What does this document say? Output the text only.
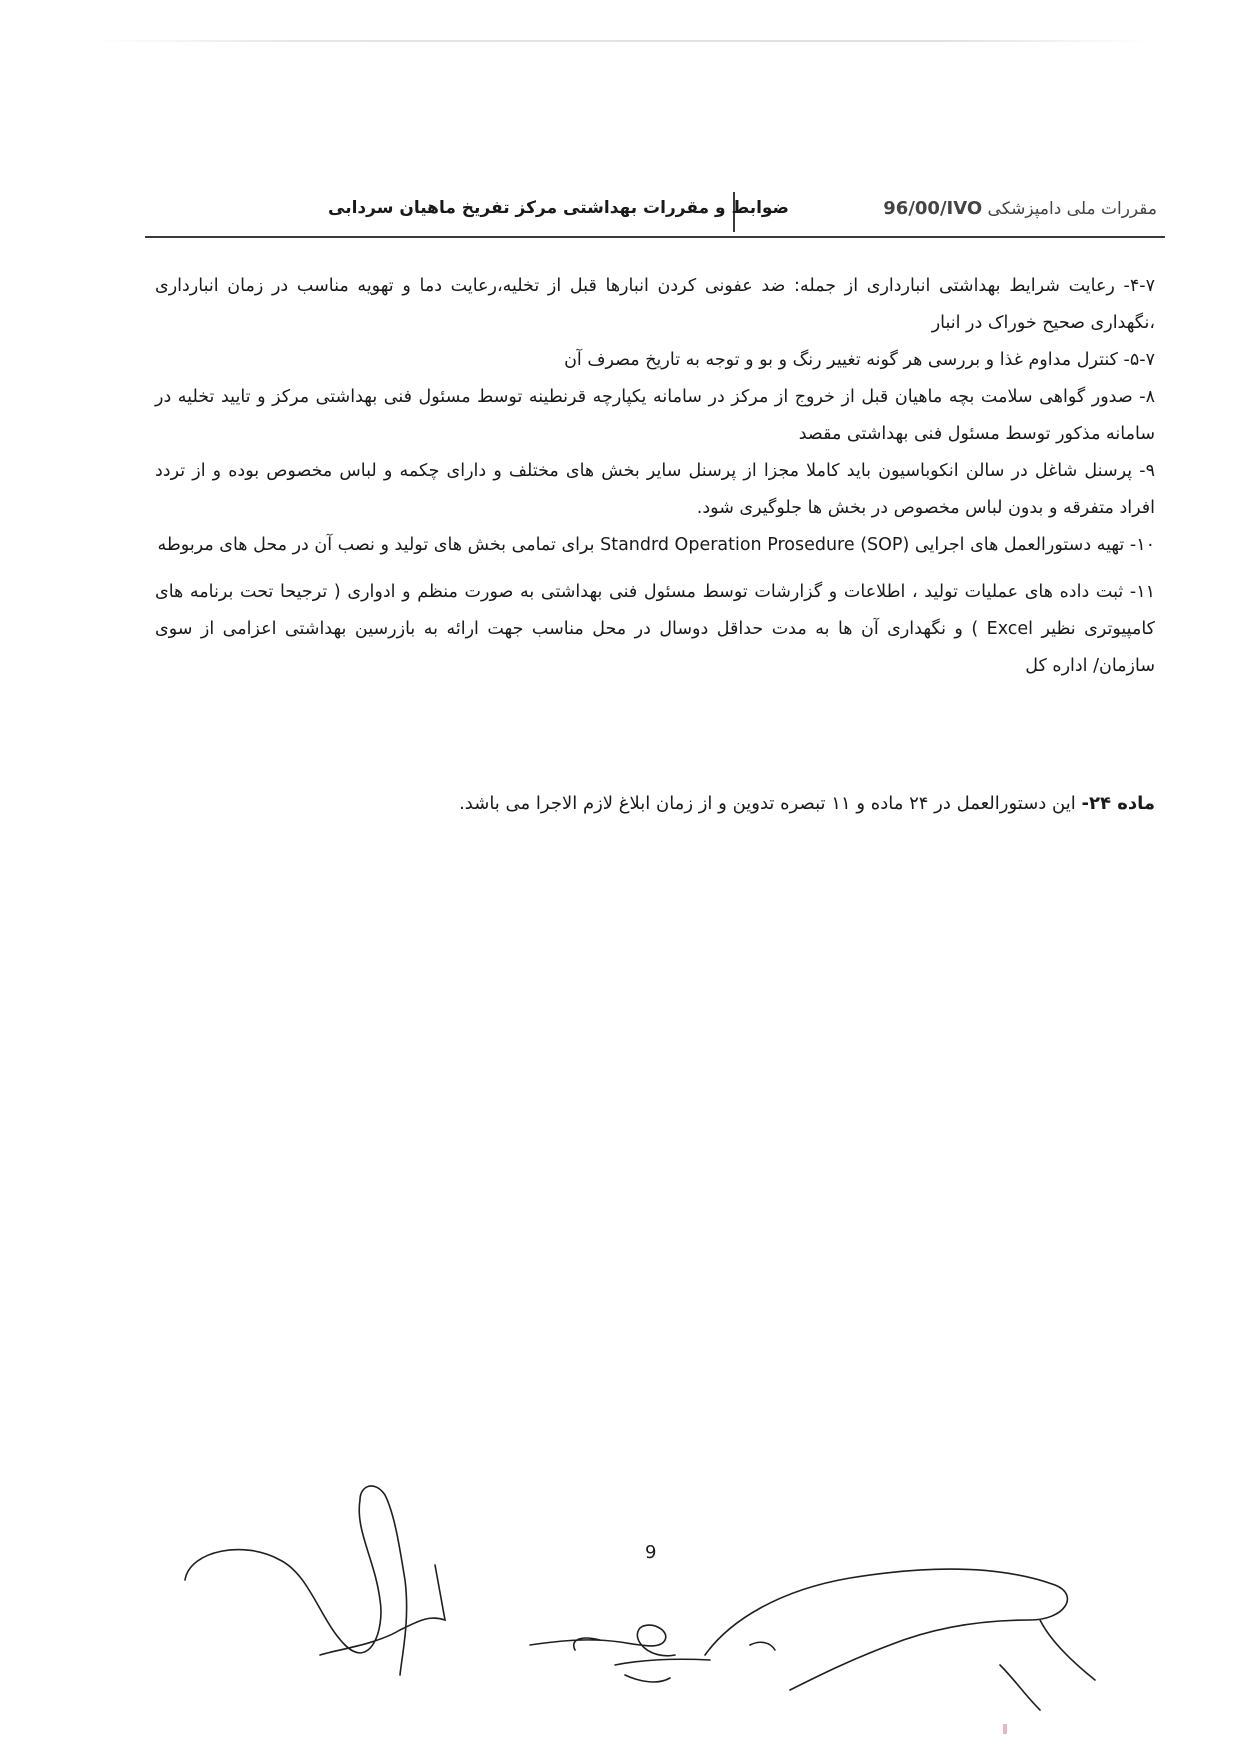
مقررات ملی دامپزشکی 96/00/IVO
ضوابط و مقررات بهداشتی مرکز تفریخ ماهیان سردابی

۴-۷- رعایت شرایط بهداشتی انبارداری از جمله: ضد عفونی کردن انبارها قبل از تخلیه،رعایت دما و تهویه مناسب در زمان انبارداری ،نگهداری صحیح خوراک در انبار

۵-۷- کنترل مداوم غذا و بررسی هر گونه تغییر رنگ و بو و توجه به تاریخ مصرف آن

۸- صدور گواهی سلامت بچه ماهیان قبل از خروج از مرکز در سامانه یکپارچه قرنطینه توسط مسئول فنی بهداشتی مرکز و تایید تخلیه در سامانه مذکور توسط مسئول فنی بهداشتی مقصد

۹- پرسنل شاغل در سالن انکوباسیون باید کاملا مجزا از پرسنل سایر بخش های مختلف و دارای چکمه و لباس مخصوص بوده و از تردد افراد متفرقه و بدون لباس مخصوص در بخش ها جلوگیری شود.

۱۰- تهیه دستورالعمل های اجرایی (Standrd Operation Prosedure (SOP برای تمامی بخش های تولید و نصب آن در محل های مربوطه

۱۱- ثبت داده های عملیات تولید ، اطلاعات و گزارشات توسط مسئول فنی بهداشتی به صورت منظم و ادواری ( ترجیحا تحت برنامه های کامپیوتری نظیر Excel ) و نگهداری آن ها به مدت حداقل دوسال در محل مناسب جهت ارائه به بازرسین بهداشتی اعزامی از سوی سازمان/ اداره کل

ماده ۲۴- این دستورالعمل در ۲۴ ماده و ۱۱ تبصره تدوین و از زمان ابلاغ لازم الاجرا می باشد.
9
